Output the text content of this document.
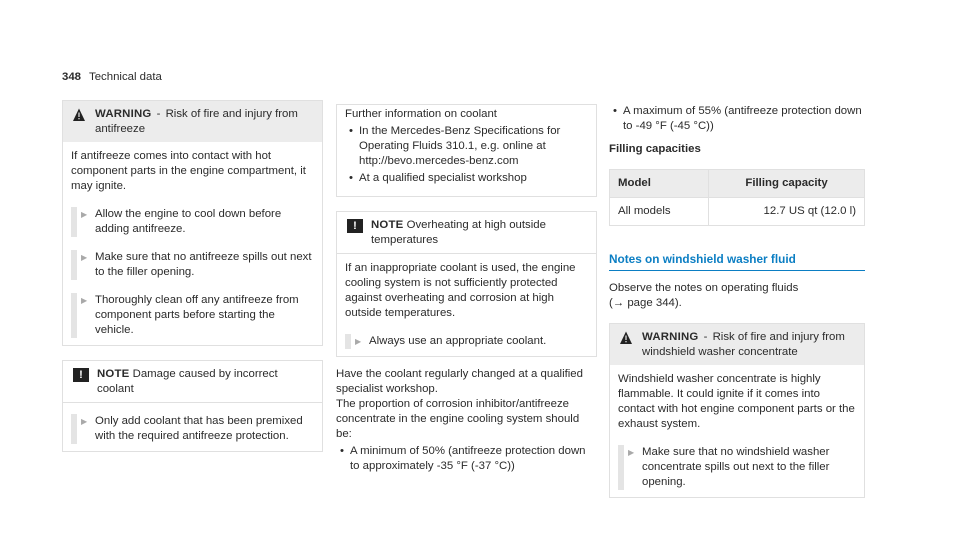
348 Technical data
WARNING - Risk of fire and injury from antifreeze

If antifreeze comes into contact with hot component parts in the engine compartment, it may ignite.

▶ Allow the engine to cool down before adding antifreeze.
▶ Make sure that no antifreeze spills out next to the filler opening.
▶ Thoroughly clean off any antifreeze from component parts before starting the vehicle.
!	NOTE Damage caused by incorrect coolant
▶ Only add coolant that has been premixed with the required antifreeze protection.

Further information on coolant

•
In the Mercedes-Benz Specifications for Operating Fluids 310.1, e.g. online at http://bevo.mercedes-benz.com
•
At a qualified specialist workshop
!	NOTE Overheating at high outside temperatures

If an inappropriate coolant is used, the engine cooling system is not sufficiently protected against overheating and corrosion at high outside temperatures.

▶ Always use an appropriate coolant.

Have the coolant regularly changed at a qualified specialist workshop.

The proportion of corrosion inhibitor/antifreeze concentrate in the engine cooling system should be:

•
A minimum of 50% (antifreeze protection down to approximately -35 °F (-37 °C))
•
A maximum of 55% (antifreeze protection down to -49 °F (-45 °C))

Filling capacities

Model	Filling capacity
All models	12.7 US qt (12.0 l)
Notes on windshield washer fluid

Observe the notes on operating fluids
(→ page 344).

WARNING - Risk of fire and injury from windshield washer concentrate

Windshield washer concentrate is highly flammable. It could ignite if it comes into contact with hot engine component parts or the exhaust system.

▶ Make sure that no windshield washer concentrate spills out next to the filler opening.
